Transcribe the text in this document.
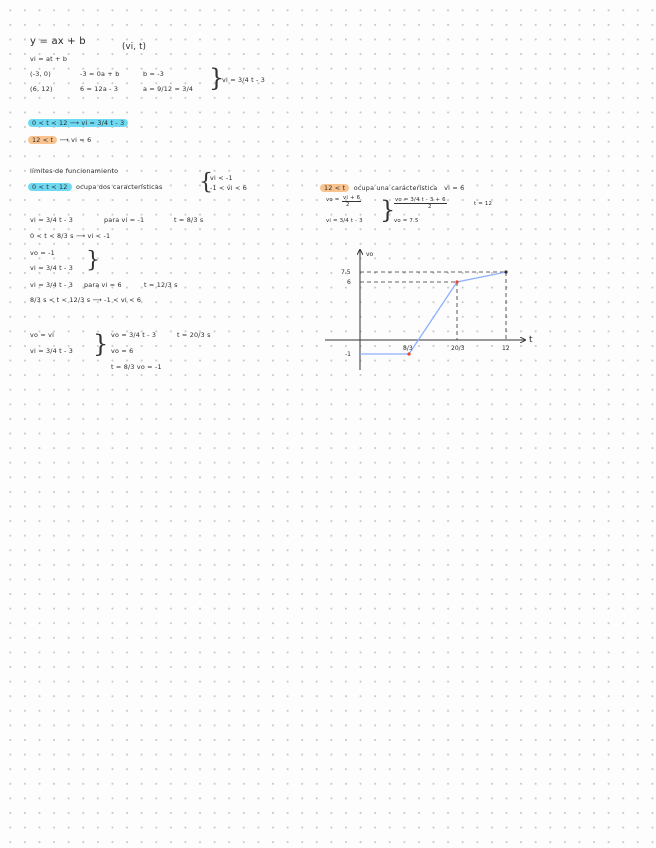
y = ax + b	(vi, t)
vi = at + b
(-3, 0)	-3 = 0a + b	b = -3
(6, 12)	6 = 12a - 3	a = 9/12 = 3/4 }
vi = 3/4 t - 3
0 < t < 12 ⟶ vi = 3/4 t - 3
12 < t ⟶ vi = 6
límites de funcionamiento
0 < t < 12 ocupa dos características {
vi < -1
-1 < vi < 6
vi = 3/4 t - 3	para vi = -1	t = 8/3 s
0 < t < 8/3 s ⟶ vi < -1
vo = -1 }
vi = 3/4 t - 3
vi = 3/4 t - 3 para vi = 6	t = 12/3 s
8/3 s < t < 12/3 s ⟶ -1 < vi < 6
vo = vi
vi = 3/4 t - 3 } vo = 3/4 t - 3	t = 20/3 s
vo = 6
t = 8/3 vo = -1
12 < t ocupa una característica vi = 6
vo = vi + 6
2
vi = 3/4 t - 3 }
$\frac{vo = 3/4 t - 3 + 6}{2}$
t = 12
vo = 7.5
vo
t
7.5
6
-1
8/3	20/3	12
